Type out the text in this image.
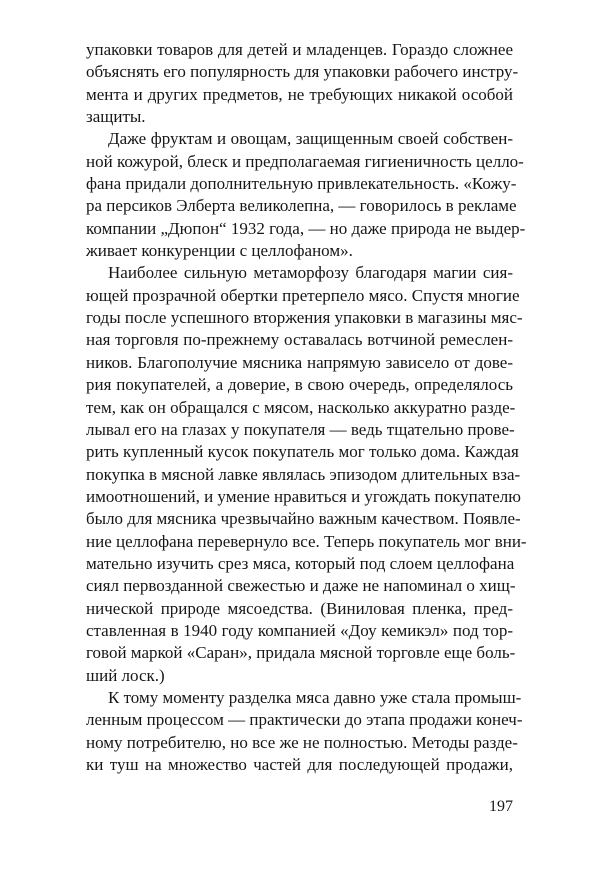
упаковки товаров для детей и младенцев. Гораздо сложнее
объяснять его популярность для упаковки рабочего инстру-
мента и других предметов, не требующих никакой особой
защиты.
Даже фруктам и овощам, защищенным своей собствен-
ной кожурой, блеск и предполагаемая гигиеничность целло-
фана придали дополнительную привлекательность. «Кожу-
ра персиков Элберта великолепна, — говорилось в рекламе
компании „Дюпон“ 1932 года, — но даже природа не выдер-
живает конкуренции с целлофаном».
Наиболее сильную метаморфозу благодаря магии сия-
ющей прозрачной обертки претерпело мясо. Спустя многие
годы после успешного вторжения упаковки в магазины мяс-
ная торговля по-прежнему оставалась вотчиной ремеслен-
ников. Благополучие мясника напрямую зависело от дове-
рия покупателей, а доверие, в свою очередь, определялось
тем, как он обращался с мясом, насколько аккуратно разде-
лывал его на глазах у покупателя — ведь тщательно прове-
рить купленный кусок покупатель мог только дома. Каждая
покупка в мясной лавке являлась эпизодом длительных вза-
имоотношений, и умение нравиться и угождать покупателю
было для мясника чрезвычайно важным качеством. Появле-
ние целлофана перевернуло все. Теперь покупатель мог вни-
мательно изучить срез мяса, который под слоем целлофана
сиял первозданной свежестью и даже не напоминал о хищ-
нической природе мясоедства. (Виниловая пленка, пред-
ставленная в 1940 году компанией «Доу кемикэл» под тор-
говой маркой «Саран», придала мясной торговле еще боль-
ший лоск.)
К тому моменту разделка мяса давно уже стала промыш-
ленным процессом — практически до этапа продажи конеч-
ному потребителю, но все же не полностью. Методы разде-
ки туш на множество частей для последующей продажи,
197
